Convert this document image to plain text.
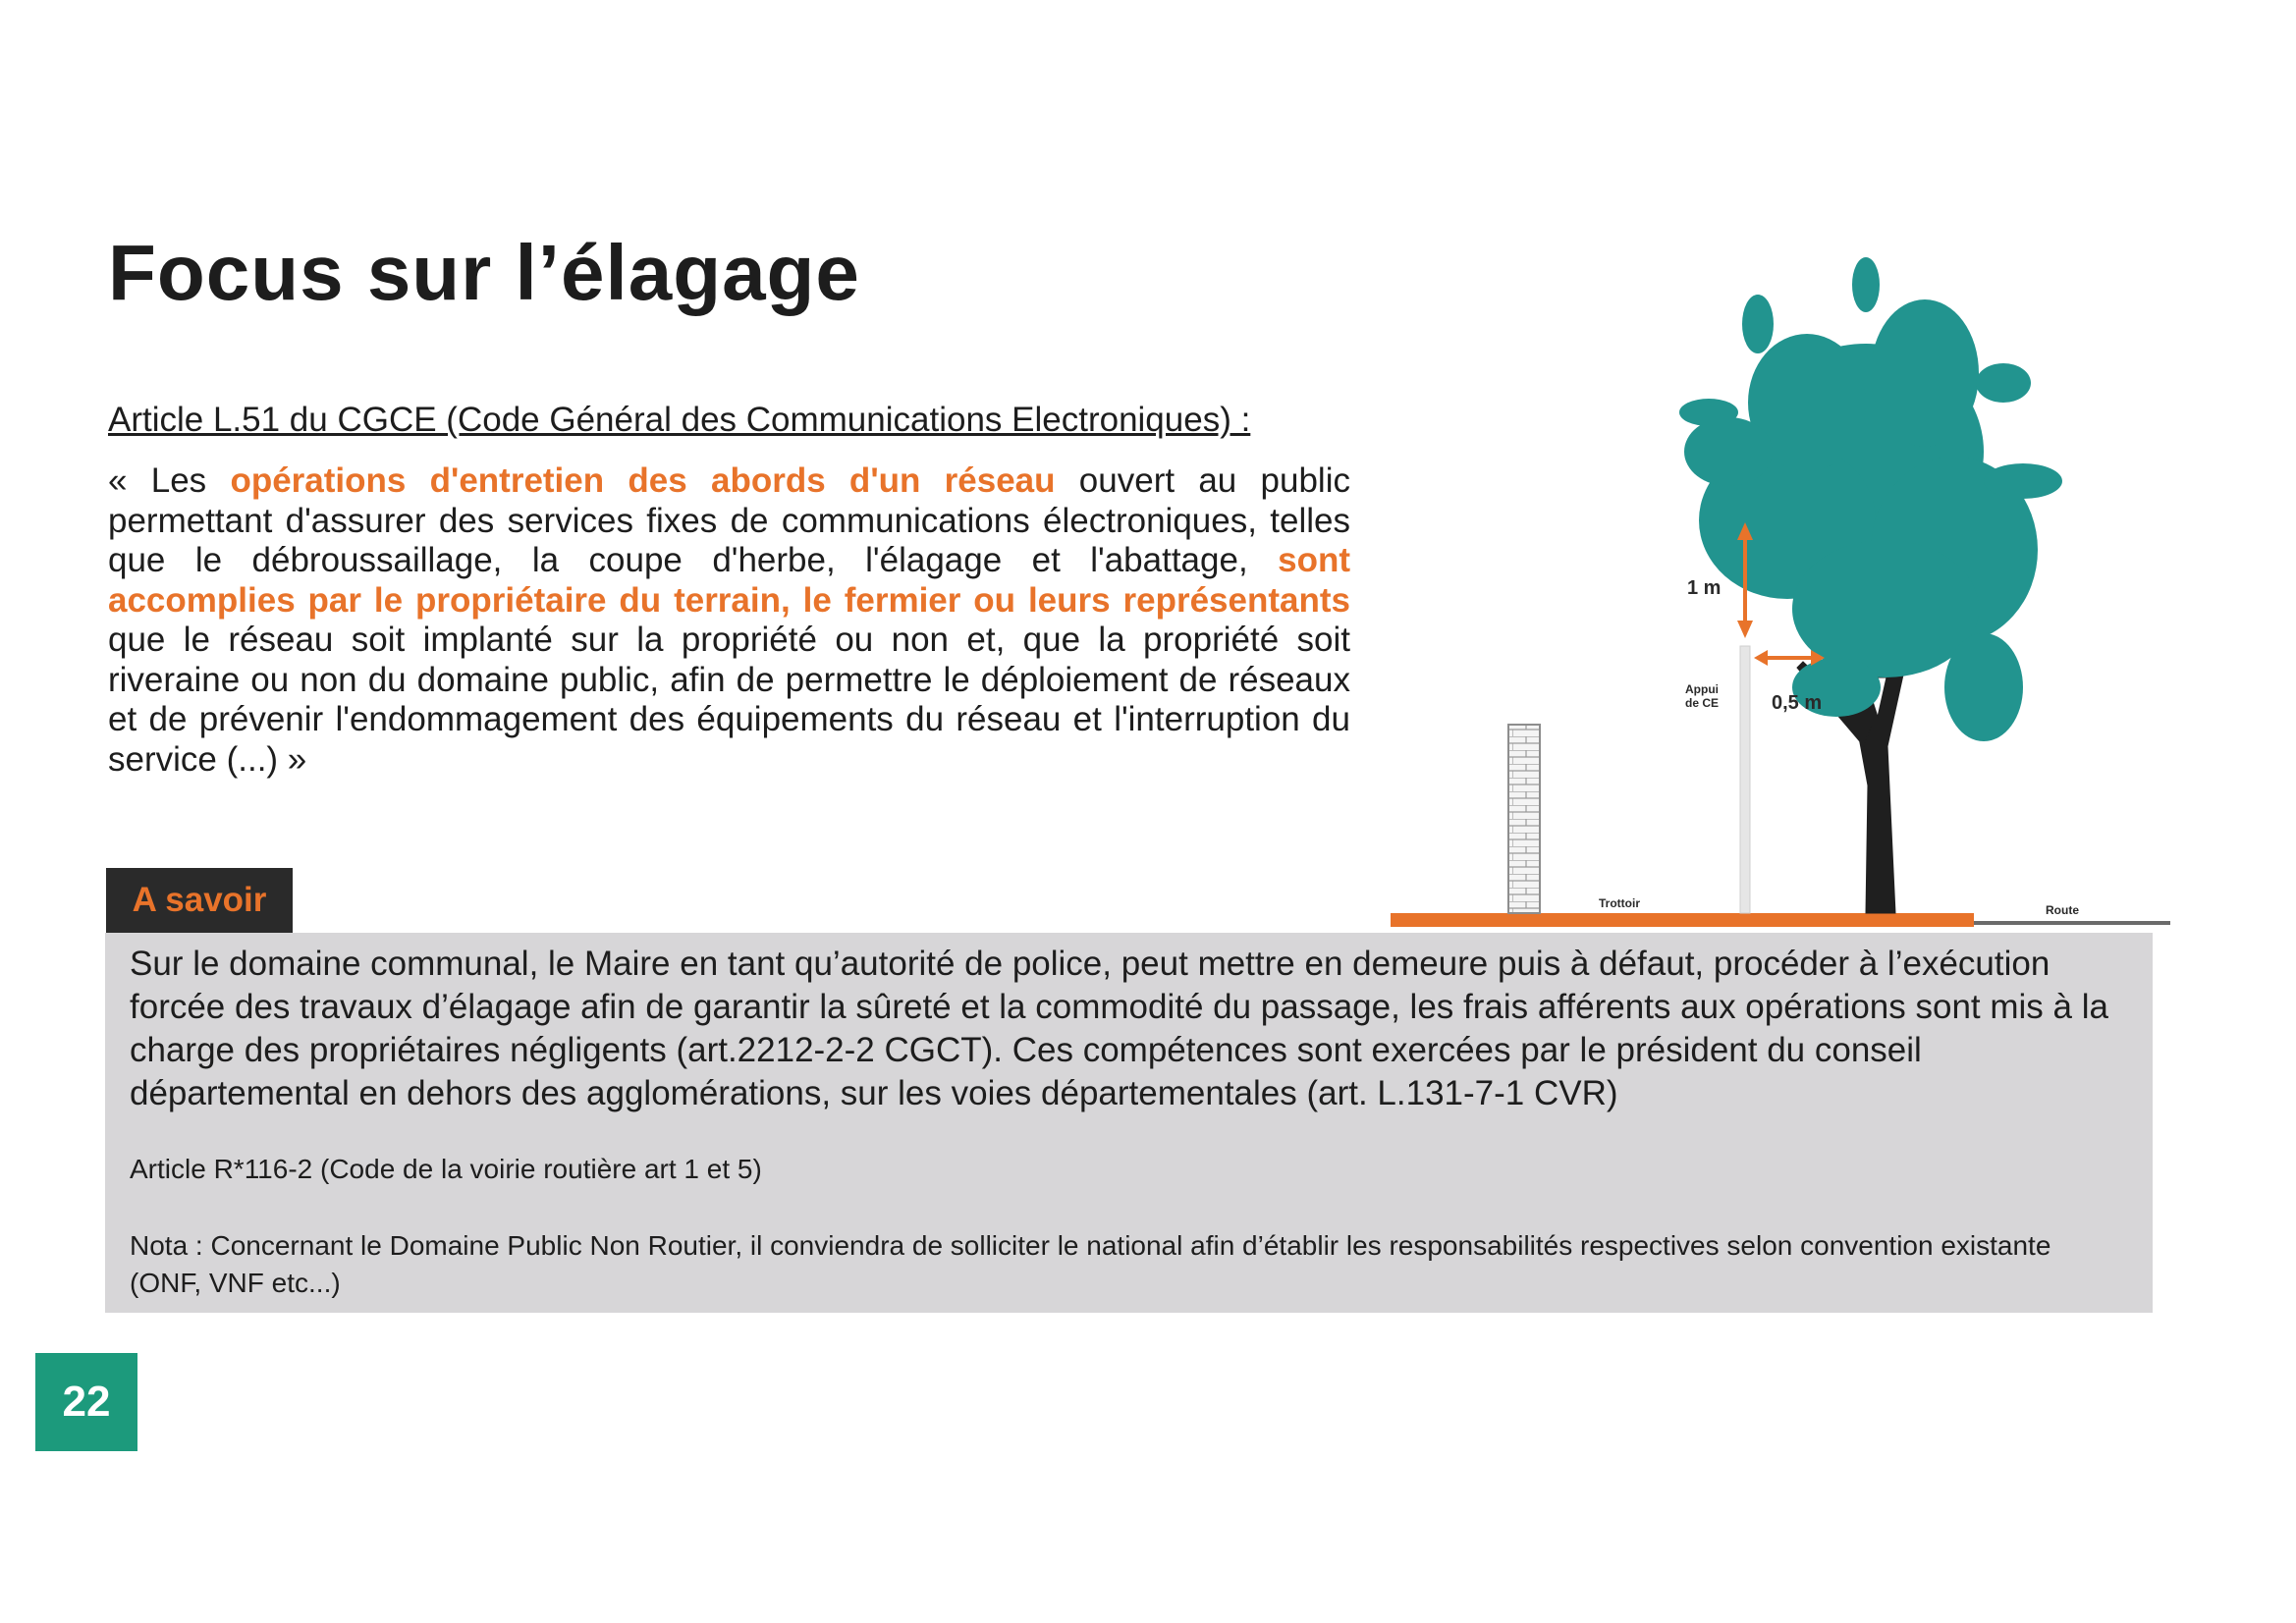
Focus sur l’élagage
Article L.51 du CGCE (Code Général des Communications Electroniques) :
« Les opérations d'entretien des abords d'un réseau ouvert au public permettant d'assurer des services fixes de communications électroniques, telles que le débroussaillage, la coupe d'herbe, l'élagage et l'abattage, sont accomplies par le propriétaire du terrain, le fermier ou leurs représentants que le réseau soit implanté sur la propriété ou non et, que la propriété soit riveraine ou non du domaine public, afin de permettre le déploiement de réseaux et de prévenir l'endommagement des équipements du réseau et l'interruption du service (...) »
1 m
0,5 m
Appui
de CE
Trottoir	Route
A savoir
Sur le domaine communal, le Maire en tant qu’autorité de police, peut mettre en demeure puis à défaut, procéder à l’exécution forcée des travaux d’élagage afin de garantir la sûreté et la commodité du passage, les frais afférents aux opérations sont mis à la charge des propriétaires négligents (art.2212-2-2 CGCT). Ces compétences sont exercées par le président du conseil départemental en dehors des agglomérations, sur les voies départementales (art. L.131-7-1 CVR)
Article R*116-2 (Code de la voirie routière art 1 et 5)
Nota : Concernant le Domaine Public Non Routier, il conviendra de solliciter le national afin d’établir les responsabilités respectives selon convention existante (ONF, VNF etc...)
22
